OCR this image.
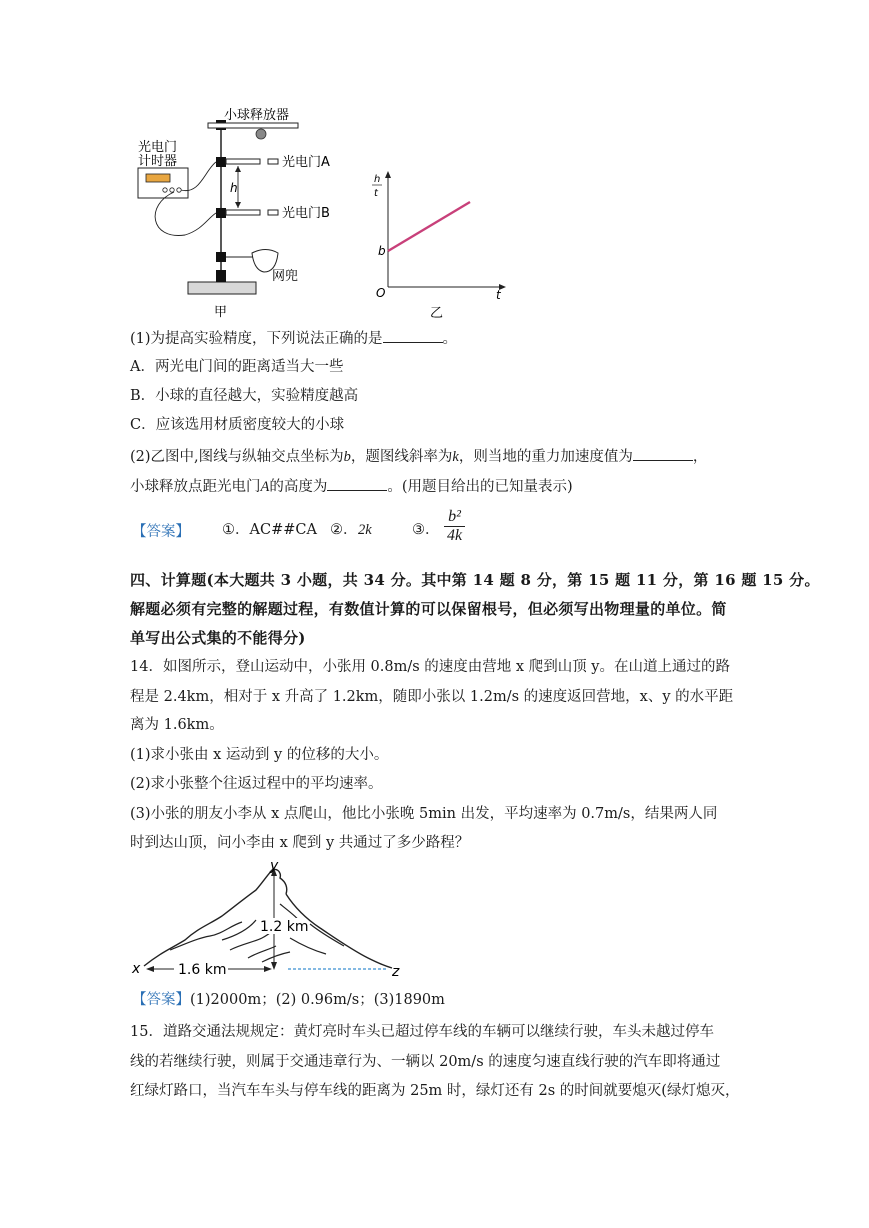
小球释放器
光电门
计时器	光电门A
光电门B
h
网兜
甲
h
t
b
O	t
乙
(1)为提高实验精度，下列说法正确的是	。
A．两光电门间的距离适当大一些
B．小球的直径越大，实验精度越高
C．应该选用材质密度较大的小球
(2)乙图中,图线与纵轴交点坐标为b，题图线斜率为k，则当地的重力加速度值为	，
小球释放点距光电门A的高度为	。(用题目给出的已知量表示)
【答案】 ①．AC##CA ②． 2k	③． $\frac{\text{b²}}{4k}$
四、计算题(本大题共 3 小题，共 34 分。其中第 14 题 8 分，第 15 题 11 分，第 16 题 15 分。
解题必须有完整的解题过程，有数值计算的可以保留根号，但必须写出物理量的单位。简
单写出公式集的不能得分)
14．如图所示，登山运动中，小张用 0.8m/s 的速度由营地 x 爬到山顶 y。在山道上通过的路
程是 2.4km，相对于 x 升高了 1.2km，随即小张以 1.2m/s 的速度返回营地，x、y 的水平距
离为 1.6km。
(1)求小张由 x 运动到 y 的位移的大小。
(2)求小张整个往返过程中的平均速率。
(3)小张的朋友小李从 x 点爬山，他比小张晚 5min 出发，平均速率为 0.7m/s，结果两人同
时到达山顶，问小李由 x 爬到 y 共通过了多少路程？
y
x	z
1.2 km
1.6 km
【答案】(1)2000m；(2) 0.96m/s；(3)1890m
15．道路交通法规规定：黄灯亮时车头已超过停车线的车辆可以继续行驶，车头未越过停车
线的若继续行驶，则属于交通违章行为、一辆以 20m/s 的速度匀速直线行驶的汽车即将通过
红绿灯路口，当汽车车头与停车线的距离为 25m 时，绿灯还有 2s 的时间就要熄灭(绿灯熄灭，
